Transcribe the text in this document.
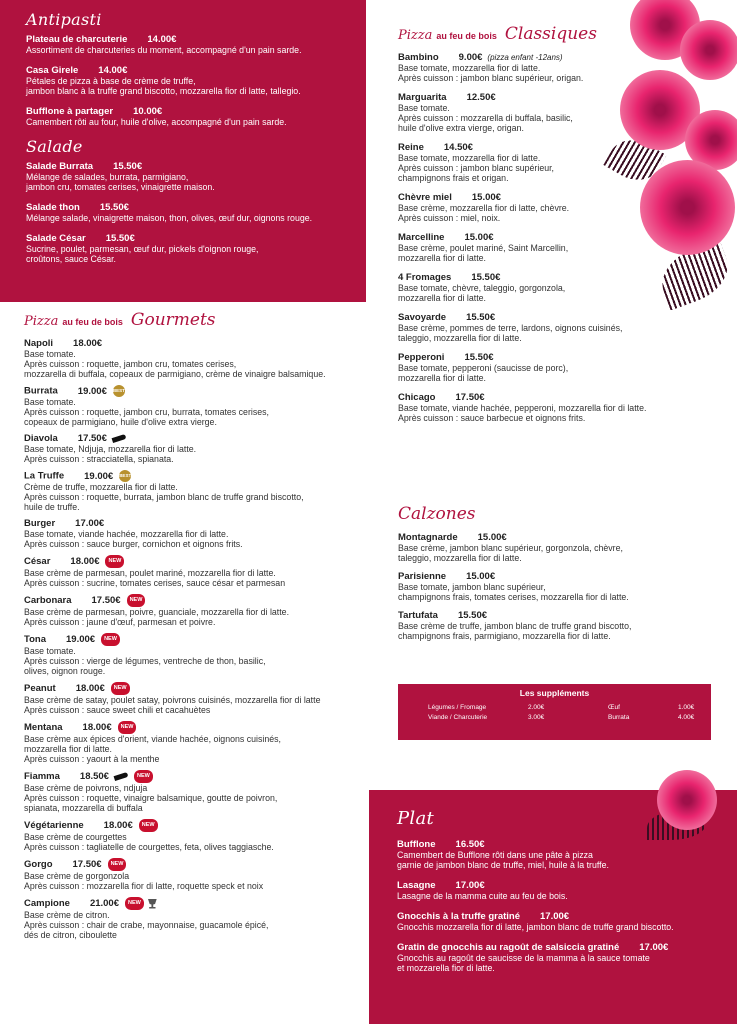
Antipasti
Plateau de charcuterie 14.00€
Assortiment de charcuteries du moment, accompagné d'un pain sarde.
Casa Girele 14.00€
Pétales de pizza à base de crème de truffe,
jambon blanc à la truffe grand biscotto, mozzarella fior di latte, tallegio.
Bufflone à partager 10.00€
Camembert rôti au four, huile d'olive, accompagné d'un pain sarde.
Salade
Salade Burrata 15.50€
Mélange de salades, burrata, parmigiano,
jambon cru, tomates cerises, vinaigrette maison.
Salade thon 15.50€
Mélange salade, vinaigrette maison, thon, olives, œuf dur, oignons rouge.
Salade César 15.50€
Sucrine, poulet, parmesan, œuf dur, pickels d'oignon rouge,
croûtons, sauce César.
Pizza au feu de bois Gourmets
Napoli 18.00€
Base tomate.
Après cuisson : roquette, jambon cru, tomates cerises,
mozzarella di buffala, copeaux de parmigiano, crème de vinaigre balsamique.
Burrata 19.00€ BEST
Base tomate.
Après cuisson : roquette, jambon cru, burrata, tomates cerises,
copeaux de parmigiano, huile d'olive extra vierge.
Diavola 17.50€
Base tomate, Ndjuja, mozzarella fior di latte.
Après cuisson : stracciatella, spianata.
La Truffe 19.00€ BEST
Crème de truffe, mozzarella fior di latte.
Après cuisson : roquette, burrata, jambon blanc de truffe grand biscotto,
huile de truffe.
Burger 17.00€
Base tomate, viande hachée, mozzarella fior di latte.
Après cuisson : sauce burger, cornichon et oignons frits.
César 18.00€ NEW
Base crème de parmesan, poulet mariné, mozzarella fior di latte.
Après cuisson : sucrine, tomates cerises, sauce césar et parmesan
Carbonara 17.50€ NEW
Base crème de parmesan, poivre, guanciale, mozzarella fior di latte.
Après cuisson : jaune d'œuf, parmesan et poivre.
Tona 19.00€ NEW
Base tomate.
Après cuisson : vierge de légumes, ventreche de thon, basilic,
olives, oignon rouge.
Peanut 18.00€ NEW
Base crème de satay, poulet satay, poivrons cuisinés, mozzarella fior di latte
Après cuisson : sauce sweet chili et cacahuètes
Mentana 18.00€ NEW
Base crème aux épices d'orient, viande hachée, oignons cuisinés,
mozzarella fior di latte.
Après cuisson : yaourt à la menthe
Fiamma 18.50€	NEW
Base crème de poivrons, ndjuja
Après cuisson : roquette, vinaigre balsamique, goutte de poivron,
spianata, mozzarella di buffala
Végétarienne 18.00€ NEW
Base crème de courgettes
Après cuisson : tagliatelle de courgettes, feta, olives taggiasche.
Gorgo 17.50€ NEW
Base crème de gorgonzola
Après cuisson : mozzarella fior di latte, roquette speck et noix
Campione 21.00€ NEW
Base crème de citron.
Après cuisson : chair de crabe, mayonnaise, guacamole épicé,
dés de citron, ciboulette
Pizza au feu de bois Classiques
Bambino 9.00€ (pizza enfant -12ans)
Base tomate, mozzarella fior di latte.
Après cuisson : jambon blanc supérieur, origan.
Marguarita 12.50€
Base tomate.
Après cuisson : mozzarella di buffala, basilic,
huile d'olive extra vierge, origan.
Reine 14.50€
Base tomate, mozzarella fior di latte.
Après cuisson : jambon blanc supérieur,
champignons frais et origan.
Chèvre miel 15.00€
Base crème, mozzarella fior di latte, chèvre.
Après cuisson : miel, noix.
Marcelline 15.00€
Base crème, poulet mariné, Saint Marcellin,
mozzarella fior di latte.
4 Fromages 15.50€
Base tomate, chèvre, taleggio, gorgonzola,
mozzarella fior di latte.
Savoyarde 15.50€
Base crème, pommes de terre, lardons, oignons cuisinés,
taleggio, mozzarella fior di latte.
Pepperoni 15.50€
Base tomate, pepperoni (saucisse de porc),
mozzarella fior di latte.
Chicago 17.50€
Base tomate, viande hachée, pepperoni, mozzarella fior di latte.
Après cuisson : sauce barbecue et oignons frits.
Calzones
Montagnarde 15.00€
Base crème, jambon blanc supérieur, gorgonzola, chèvre,
taleggio, mozzarella fior di latte.
Parisienne 15.00€
Base tomate, jambon blanc supérieur,
champignons frais, tomates cerises, mozzarella fior di latte.
Tartufata 15.50€
Base crème de truffe, jambon blanc de truffe grand biscotto,
champignons frais, parmigiano, mozzarella fior di latte.
Les suppléments
Légumes / Fromage	2.00€	Œuf	1.00€
Viande / Charcuterie	3.00€	Burrata	4.00€
Plat
Bufflone 16.50€
Camembert de Bufflone rôti dans une pâte à pizza
garnie de jambon blanc de truffe, miel, huile à la truffe.
Lasagne 17.00€
Lasagne de la mamma cuite au feu de bois.
Gnocchis à la truffe gratiné 17.00€
Gnocchis mozzarella fior di latte, jambon blanc de truffe grand biscotto.
Gratin de gnocchis au ragoût de salsiccia gratiné 17.00€
Gnocchis au ragoût de saucisse de la mamma à la sauce tomate
et mozzarella fior di latte.
